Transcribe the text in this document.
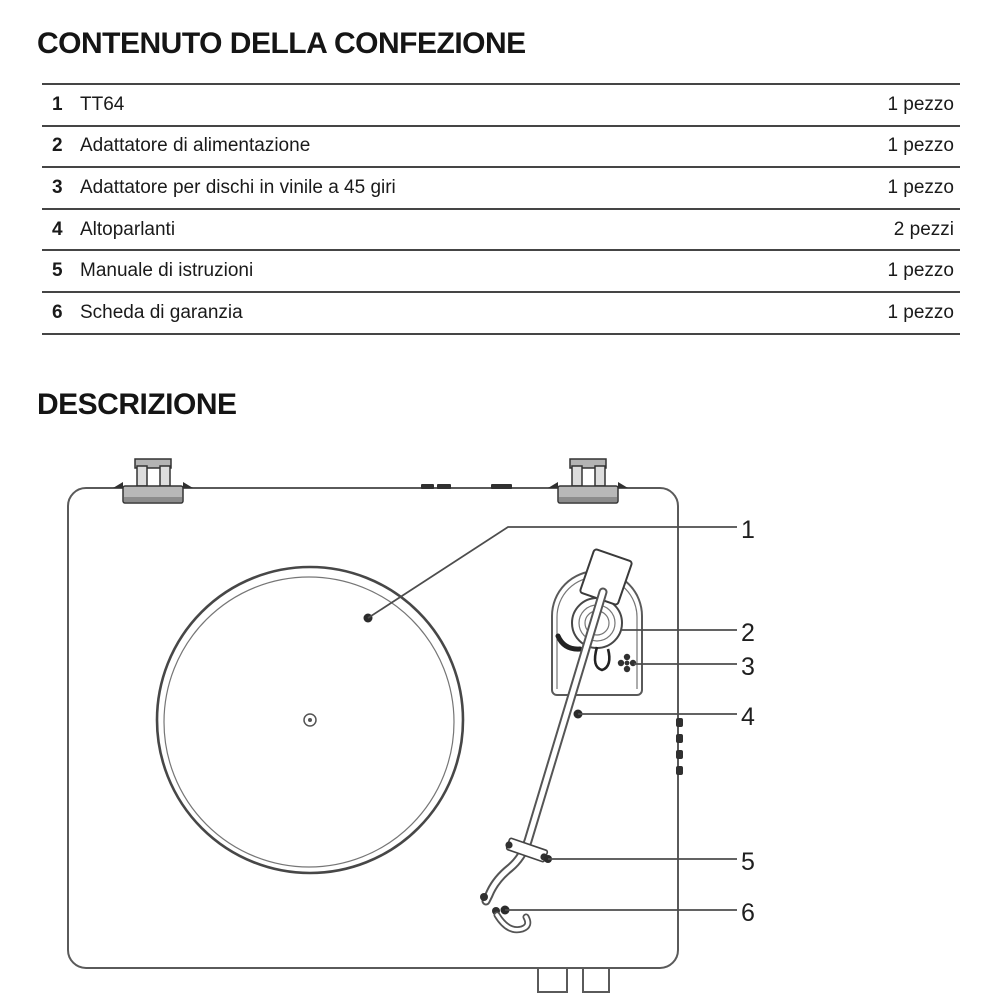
CONTENUTO DELLA CONFEZIONE
1 TT64	1 pezzo
2 Adattatore di alimentazione	1 pezzo
3 Adattatore per dischi in vinile a 45 giri	1 pezzo
4 Altoparlanti	2 pezzi
5 Manuale di istruzioni	1 pezzo
6 Scheda di garanzia	1 pezzo
DESCRIZIONE
1
2
3
4
5
6
